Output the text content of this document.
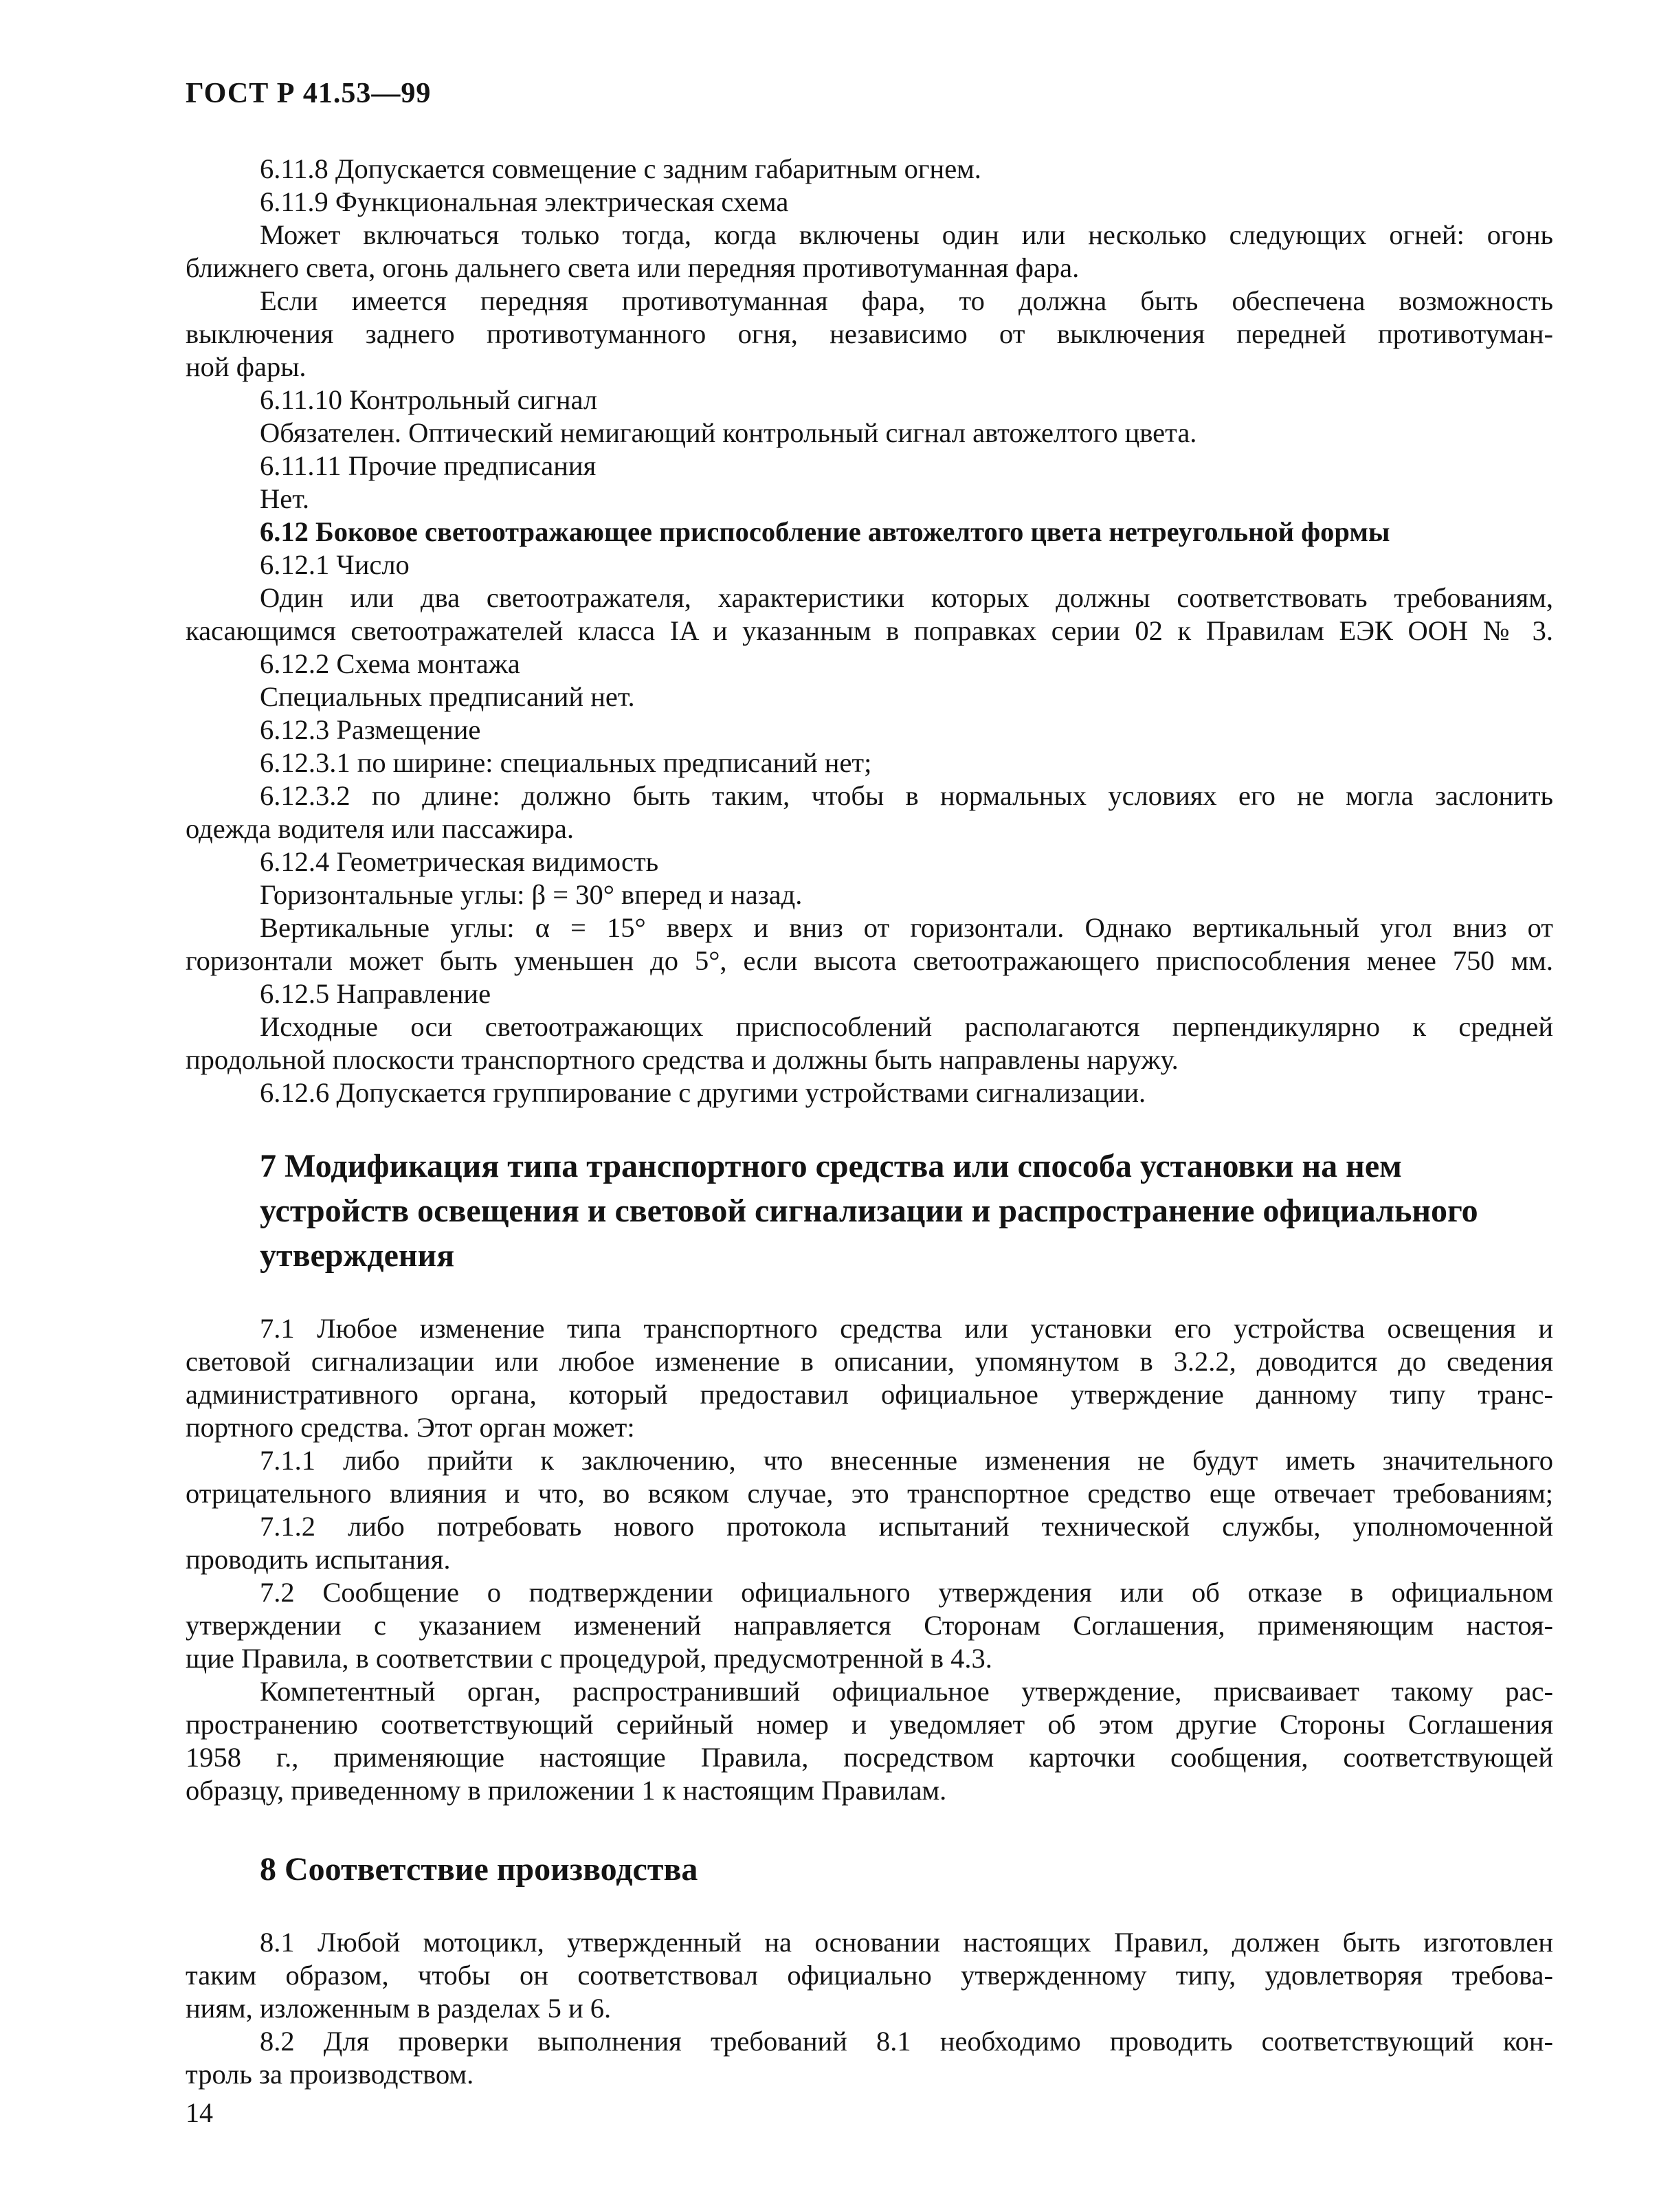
ГОСТ Р 41.53—99

6.11.8 Допускается совмещение с задним габаритным огнем.

6.11.9 Функциональная электрическая схема

Может включаться только тогда, когда включены один или несколько следующих огней: огонь

ближнего света, огонь дальнего света или передняя противотуманная фара.

Если имеется передняя противотуманная фара, то должна быть обеспечена возможность

выключения заднего противотуманного огня, независимо от выключения передней противотуман-

ной фары.

6.11.10 Контрольный сигнал

Обязателен. Оптический немигающий контрольный сигнал автожелтого цвета.

6.11.11 Прочие предписания

Нет.

6.12 Боковое светоотражающее приспособление автожелтого цвета нетреугольной формы

6.12.1 Число

Один или два светоотражателя, характеристики которых должны соответствовать требованиям,

касающимся светоотражателей класса IA и указанным в поправках серии 02 к Правилам ЕЭК ООН № 3.

6.12.2 Схема монтажа

Специальных предписаний нет.

6.12.3 Размещение

6.12.3.1 по ширине: специальных предписаний нет;

6.12.3.2 по длине: должно быть таким, чтобы в нормальных условиях его не могла заслонить

одежда водителя или пассажира.

6.12.4 Геометрическая видимость

Горизонтальные углы: β = 30° вперед и назад.

Вертикальные углы: α = 15° вверх и вниз от горизонтали. Однако вертикальный угол вниз от

горизонтали может быть уменьшен до 5°, если высота светоотражающего приспособления менее 750 мм.

6.12.5 Направление

Исходные оси светоотражающих приспособлений располагаются перпендикулярно к средней

продольной плоскости транспортного средства и должны быть направлены наружу.

6.12.6 Допускается группирование с другими устройствами сигнализации.

7 Модификация типа транспортного средства или способа установки на нем
устройств освещения и световой сигнализации и распространение официального
утверждения

7.1 Любое изменение типа транспортного средства или установки его устройства освещения и

световой сигнализации или любое изменение в описании, упомянутом в 3.2.2, доводится до сведения

административного органа, который предоставил официальное утверждение данному типу транс-

портного средства. Этот орган может:

7.1.1 либо прийти к заключению, что внесенные изменения не будут иметь значительного

отрицательного влияния и что, во всяком случае, это транспортное средство еще отвечает требованиям;

7.1.2 либо потребовать нового протокола испытаний технической службы, уполномоченной

проводить испытания.

7.2 Сообщение о подтверждении официального утверждения или об отказе в официальном

утверждении с указанием изменений направляется Сторонам Соглашения, применяющим настоя-

щие Правила, в соответствии с процедурой, предусмотренной в 4.3.

Компетентный орган, распространивший официальное утверждение, присваивает такому рас-

пространению соответствующий серийный номер и уведомляет об этом другие Стороны Соглашения

1958 г., применяющие настоящие Правила, посредством карточки сообщения, соответствующей

образцу, приведенному в приложении 1 к настоящим Правилам.

8 Соответствие производства

8.1 Любой мотоцикл, утвержденный на основании настоящих Правил, должен быть изготовлен

таким образом, чтобы он соответствовал официально утвержденному типу, удовлетворяя требова-

ниям, изложенным в разделах 5 и 6.

8.2 Для проверки выполнения требований 8.1 необходимо проводить соответствующий кон-

троль за производством.

14
